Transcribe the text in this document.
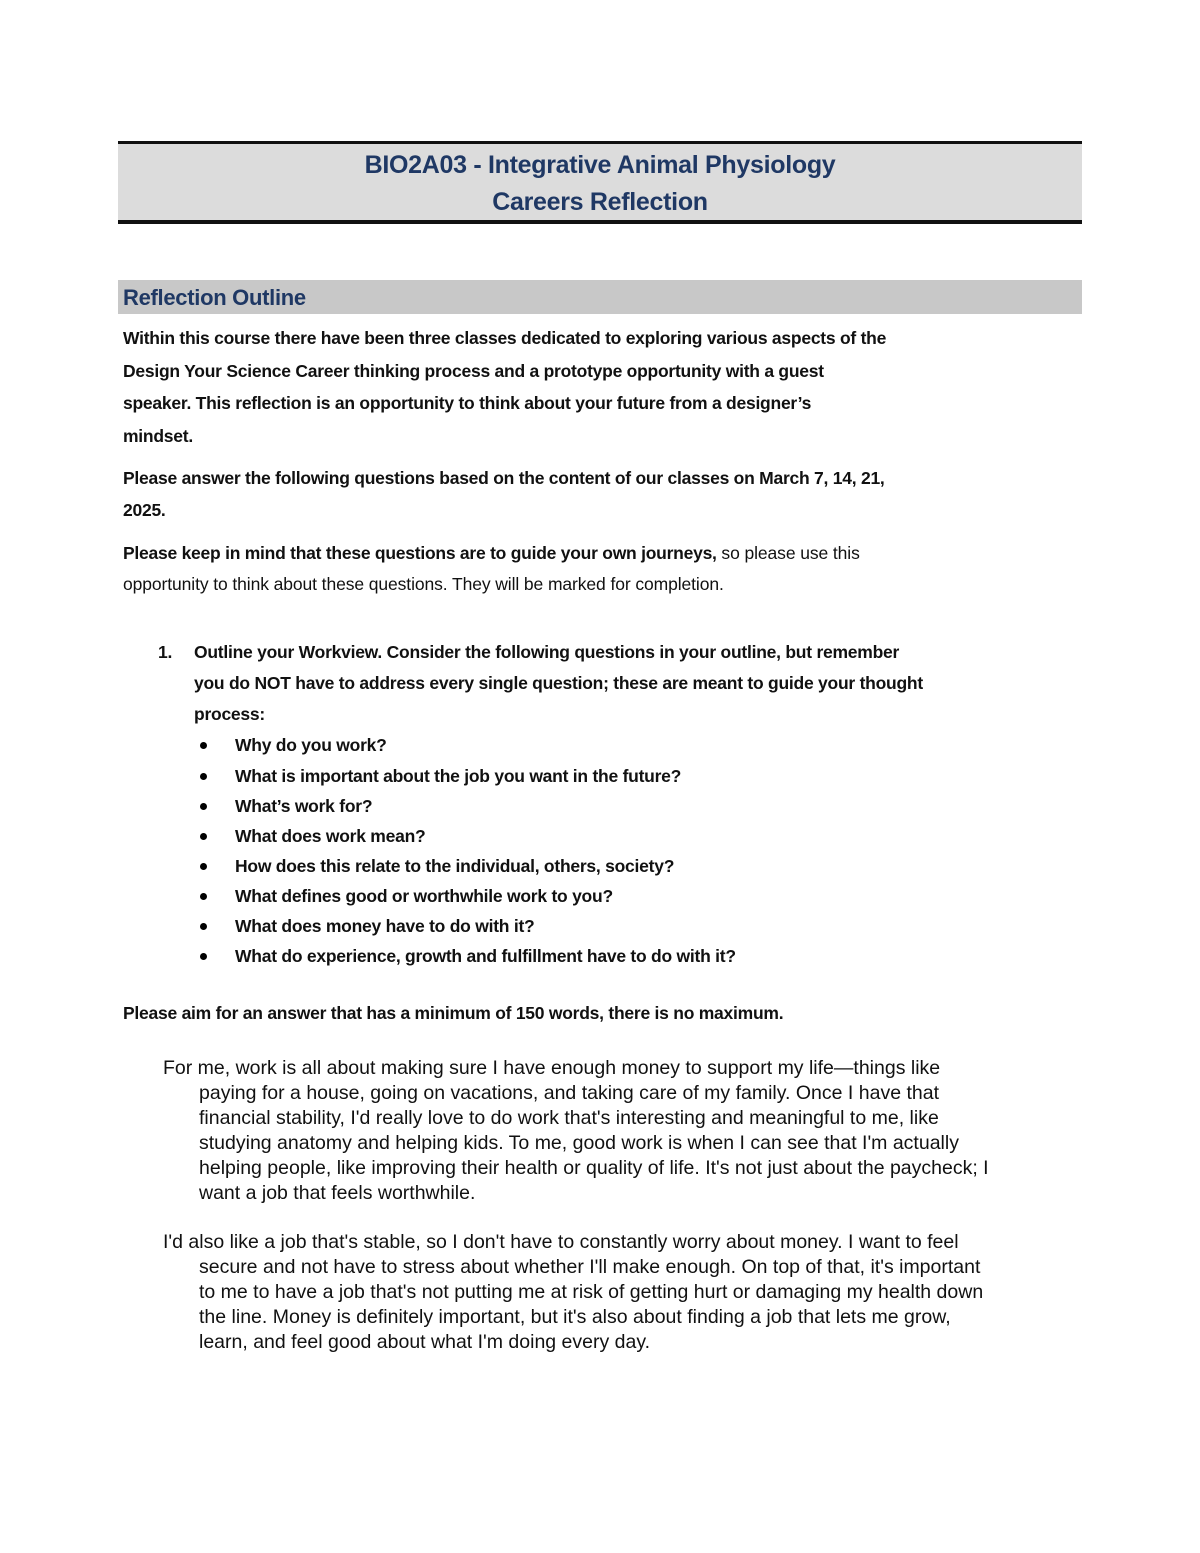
BIO2A03 - Integrative Animal Physiology
Careers Reflection
Reflection Outline
Within this course there have been three classes dedicated to exploring various aspects of the
Design Your Science Career thinking process and a prototype opportunity with a guest
speaker. This reflection is an opportunity to think about your future from a designer’s
mindset.
Please answer the following questions based on the content of our classes on March 7, 14, 21,
2025.
Please keep in mind that these questions are to guide your own journeys, so please use this
opportunity to think about these questions. They will be marked for completion.
1. Outline your Workview. Consider the following questions in your outline, but remember
you do NOT have to address every single question; these are meant to guide your thought
process:
Why do you work?
What is important about the job you want in the future?
What’s work for?
What does work mean?
How does this relate to the individual, others, society?
What defines good or worthwhile work to you?
What does money have to do with it?
What do experience, growth and fulfillment have to do with it?
Please aim for an answer that has a minimum of 150 words, there is no maximum.
For me, work is all about making sure I have enough money to support my life—things like
paying for a house, going on vacations, and taking care of my family. Once I have that
financial stability, I'd really love to do work that's interesting and meaningful to me, like
studying anatomy and helping kids. To me, good work is when I can see that I'm actually
helping people, like improving their health or quality of life. It's not just about the paycheck; I
want a job that feels worthwhile.
I'd also like a job that's stable, so I don't have to constantly worry about money. I want to feel
secure and not have to stress about whether I'll make enough. On top of that, it's important
to me to have a job that's not putting me at risk of getting hurt or damaging my health down
the line. Money is definitely important, but it's also about finding a job that lets me grow,
learn, and feel good about what I'm doing every day.
